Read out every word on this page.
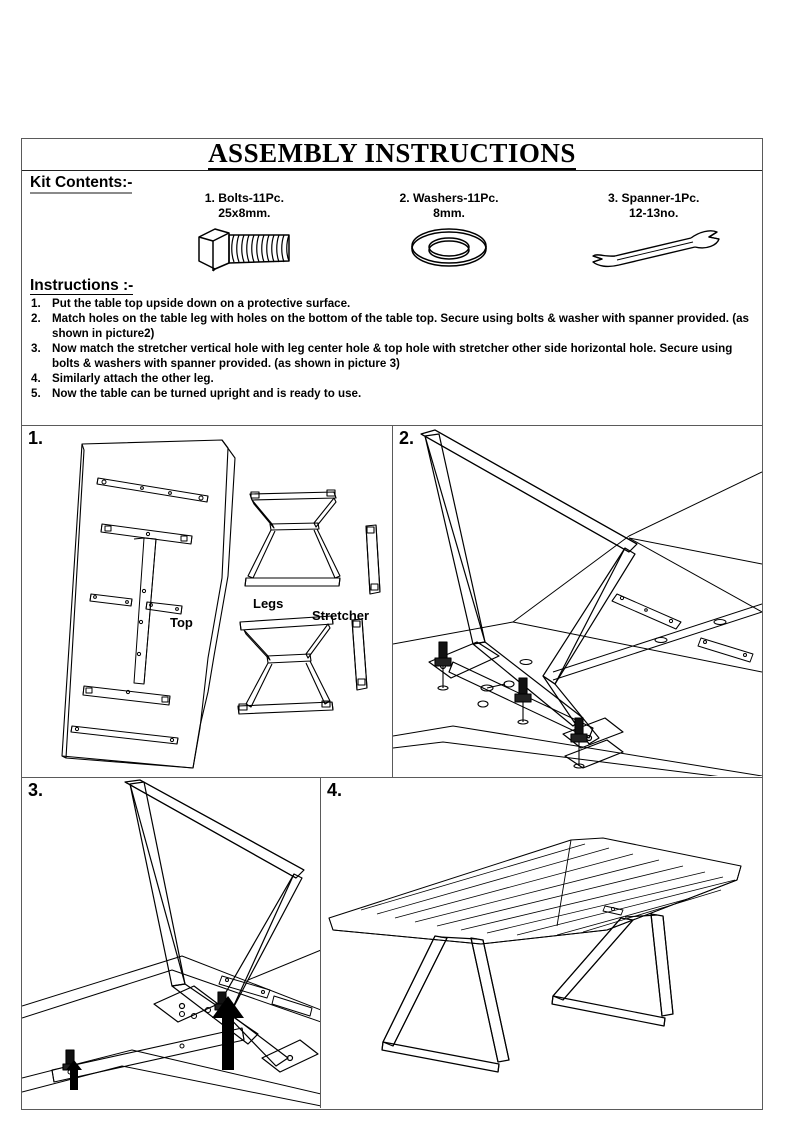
ASSEMBLY INSTRUCTIONS
Kit Contents:-
1. Bolts-11Pc.
25x8mm.
2. Washers-11Pc.
8mm.
3. Spanner-1Pc.
12-13no.
Instructions :-
Put the table top upside down on a protective surface.
Match holes on the table leg with holes on the bottom of the table top. Secure using bolts & washer with spanner provided. (as shown in picture2)
Now match the stretcher vertical hole with leg center hole & top hole with stretcher other side horizontal hole. Secure using bolts & washers with spanner provided. (as shown in picture 3)
Similarly attach the other leg.
Now the table can be turned upright and is ready to use.
1.
Top
Legs
Stretcher
2.
3.	4.
